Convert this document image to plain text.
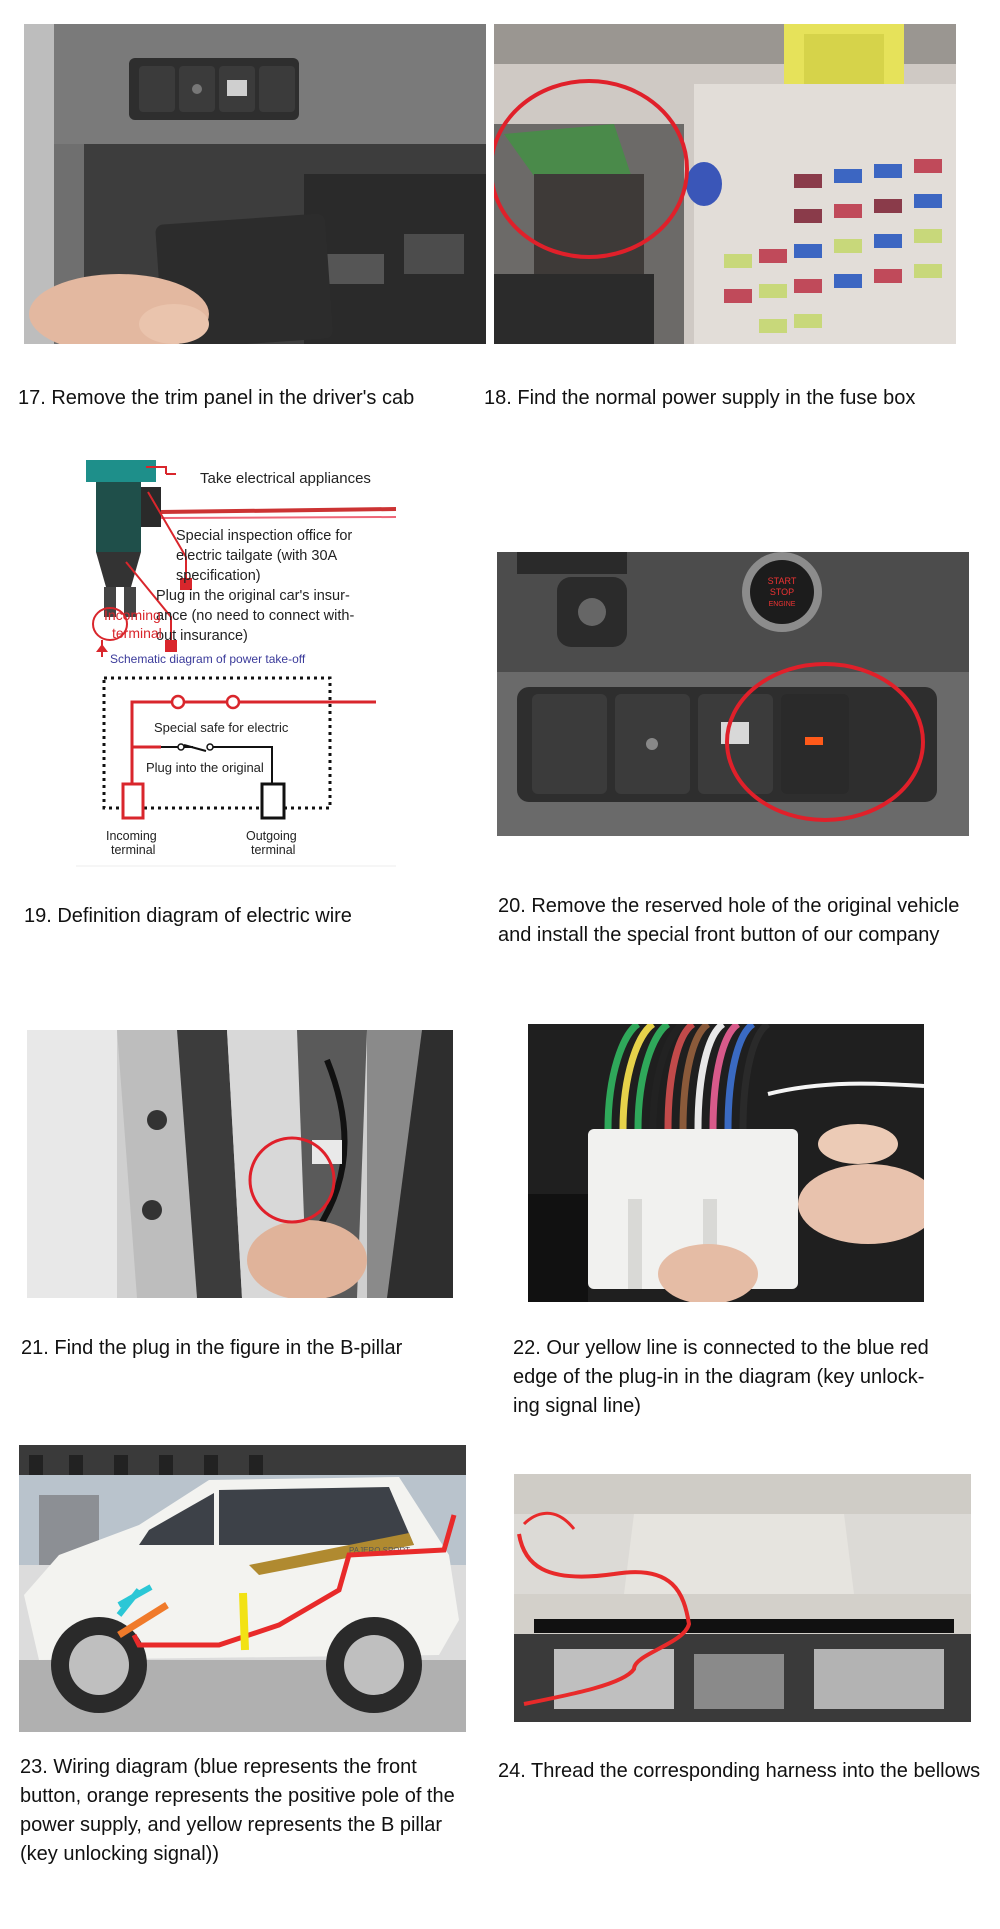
17. Remove the trim panel in the driver's cab	18. Find the normal power supply in the fuse box
Take electrical appliances
Special inspection office for
electric tailgate (with 30A
specification)
Plug in the original car's insur-
ance (no need to connect with-
out insurance)
Incoming
terminal
Schematic diagram of power take-off
Special safe for electric
Plug into the original
Incoming
terminal
Outgoing
terminal
START
STOP
ENGINE
19. Definition diagram of electric wire	20. Remove the reserved hole of the original vehicle and install the special front button of our company
21. Find the plug in the figure in the B-pillar	22. Our yellow line is connected to the blue red edge of the plug-in in the diagram (key unlock-ing signal line)
PAJERO SPORT
23. Wiring diagram (blue represents the front button, orange represents the positive pole of the power supply, and yellow represents the B pillar (key unlocking signal))
24. Thread the corresponding harness into the bellows
